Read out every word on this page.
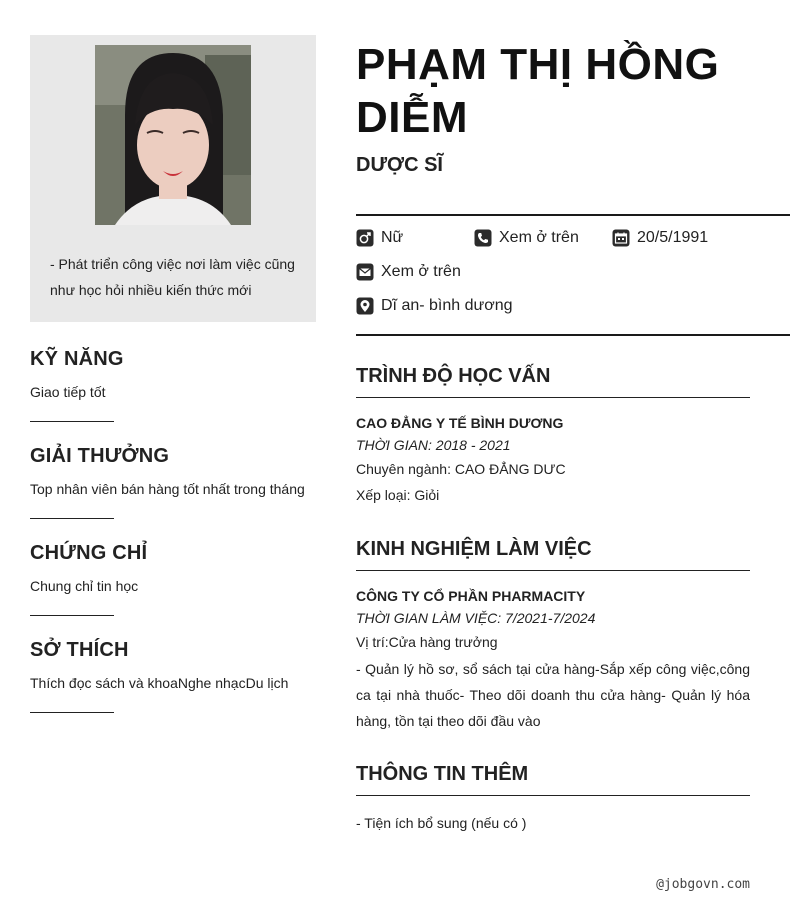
- Phát triển công việc nơi làm việc cũng như học hỏi nhiều kiến thức mới

KỸ NĂNG

Giao tiếp tốt

GIẢI THƯỞNG

Top nhân viên bán hàng tốt nhất trong tháng

CHỨNG CHỈ

Chung chỉ tin học

SỞ THÍCH

Thích đọc sách và khoaNghe nhạcDu lịch

PHẠM THỊ HỒNG DIỄM
DƯỢC SĨ
Nữ	Xem ở trên	20/5/1991
Xem ở trên
Dĩ an- bình dương
TRÌNH ĐỘ HỌC VẤN
CAO ĐẲNG Y TẾ BÌNH DƯƠNG
THỜI GIAN: 2018 - 2021
Chuyên ngành: CAO ĐẲNG DƯC
Xếp loại: Giỏi
KINH NGHIỆM LÀM VIỆC
CÔNG TY CỔ PHẦN PHARMACITY
THỜI GIAN LÀM VIỆC: 7/2021-7/2024
Vị trí:Cửa hàng trưởng
- Quản lý hồ sơ, sổ sách tại cửa hàng-Sắp xếp công việc,công ca tại nhà thuốc- Theo dõi doanh thu cửa hàng- Quản lý hóa hàng, tồn tại theo dõi đầu vào
THÔNG TIN THÊM
- Tiện ích bổ sung (nếu có )
@jobgovn.com
